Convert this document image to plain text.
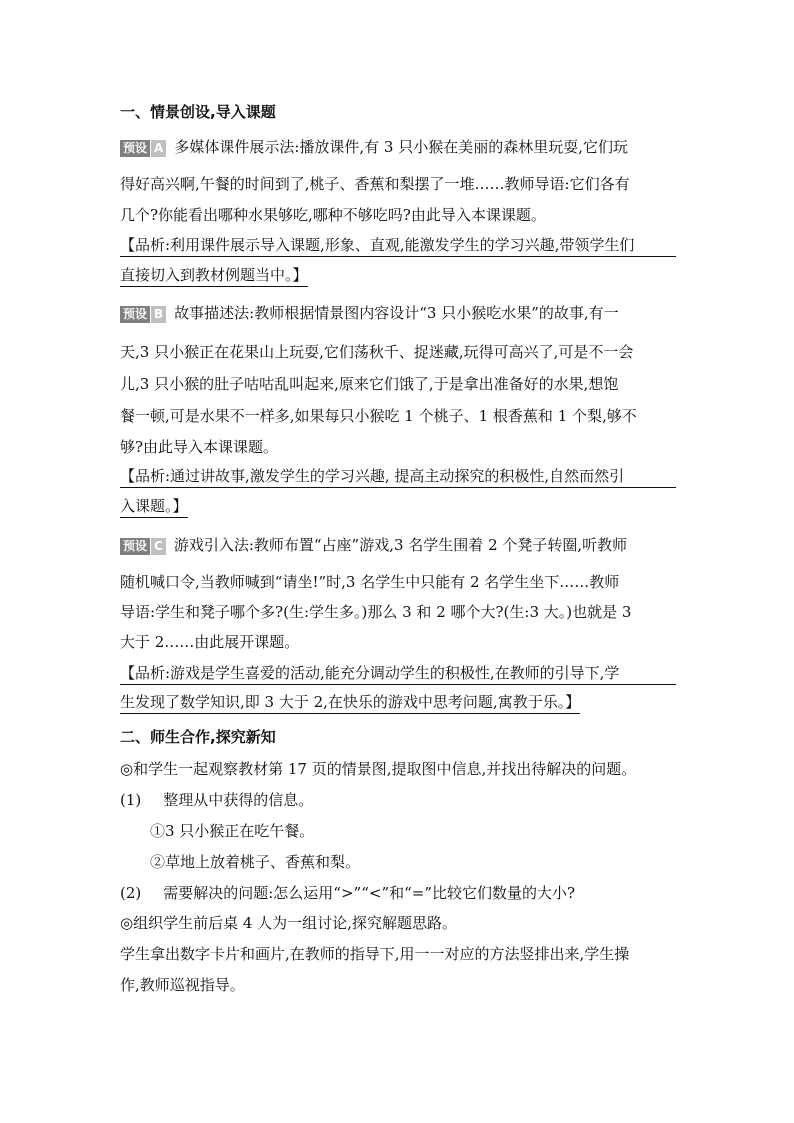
一、情景创设,导入课题
预设 A 多媒体课件展示法:播放课件,有 3 只小猴在美丽的森林里玩耍,它们玩
得好高兴啊,午餐的时间到了,桃子、香蕉和梨摆了一堆……教师导语:它们各有
几个?你能看出哪种水果够吃,哪种不够吃吗?由此导入本课课题。
【品析:利用课件展示导入课题,形象、直观,能激发学生的学习兴趣,带领学生们
直接切入到教材例题当中。】
预设 B 故事描述法:教师根据情景图内容设计“3 只小猴吃水果”的故事,有一
天,3 只小猴正在花果山上玩耍,它们荡秋千、捉迷藏,玩得可高兴了,可是不一会
儿,3 只小猴的肚子咕咕乱叫起来,原来它们饿了,于是拿出准备好的水果,想饱
餐一顿,可是水果不一样多,如果每只小猴吃 1 个桃子、1 根香蕉和 1 个梨,够不
够?由此导入本课课题。
【品析:通过讲故事,激发学生的学习兴趣, 提高主动探究的积极性,自然而然引
入课题。】
预设 C 游戏引入法:教师布置“占座”游戏,3 名学生围着 2 个凳子转圈,听教师
随机喊口令,当教师喊到“请坐!”时,3 名学生中只能有 2 名学生坐下……教师
导语:学生和凳子哪个多?(生:学生多。)那么 3 和 2 哪个大?(生:3 大。)也就是 3
大于 2……由此展开课题。
【品析:游戏是学生喜爱的活动,能充分调动学生的积极性,在教师的引导下,学
生发现了数学知识,即 3 大于 2,在快乐的游戏中思考问题,寓教于乐。】
二、师生合作,探究新知
◎和学生一起观察教材第 17 页的情景图,提取图中信息,并找出待解决的问题。
(1) 整理从中获得的信息。
①3 只小猴正在吃午餐。
②草地上放着桃子、香蕉和梨。
(2) 需要解决的问题:怎么运用“>”“<”和“=”比较它们数量的大小?
◎组织学生前后桌 4 人为一组讨论,探究解题思路。
学生拿出数字卡片和画片,在教师的指导下,用一一对应的方法竖排出来,学生操
作,教师巡视指导。
